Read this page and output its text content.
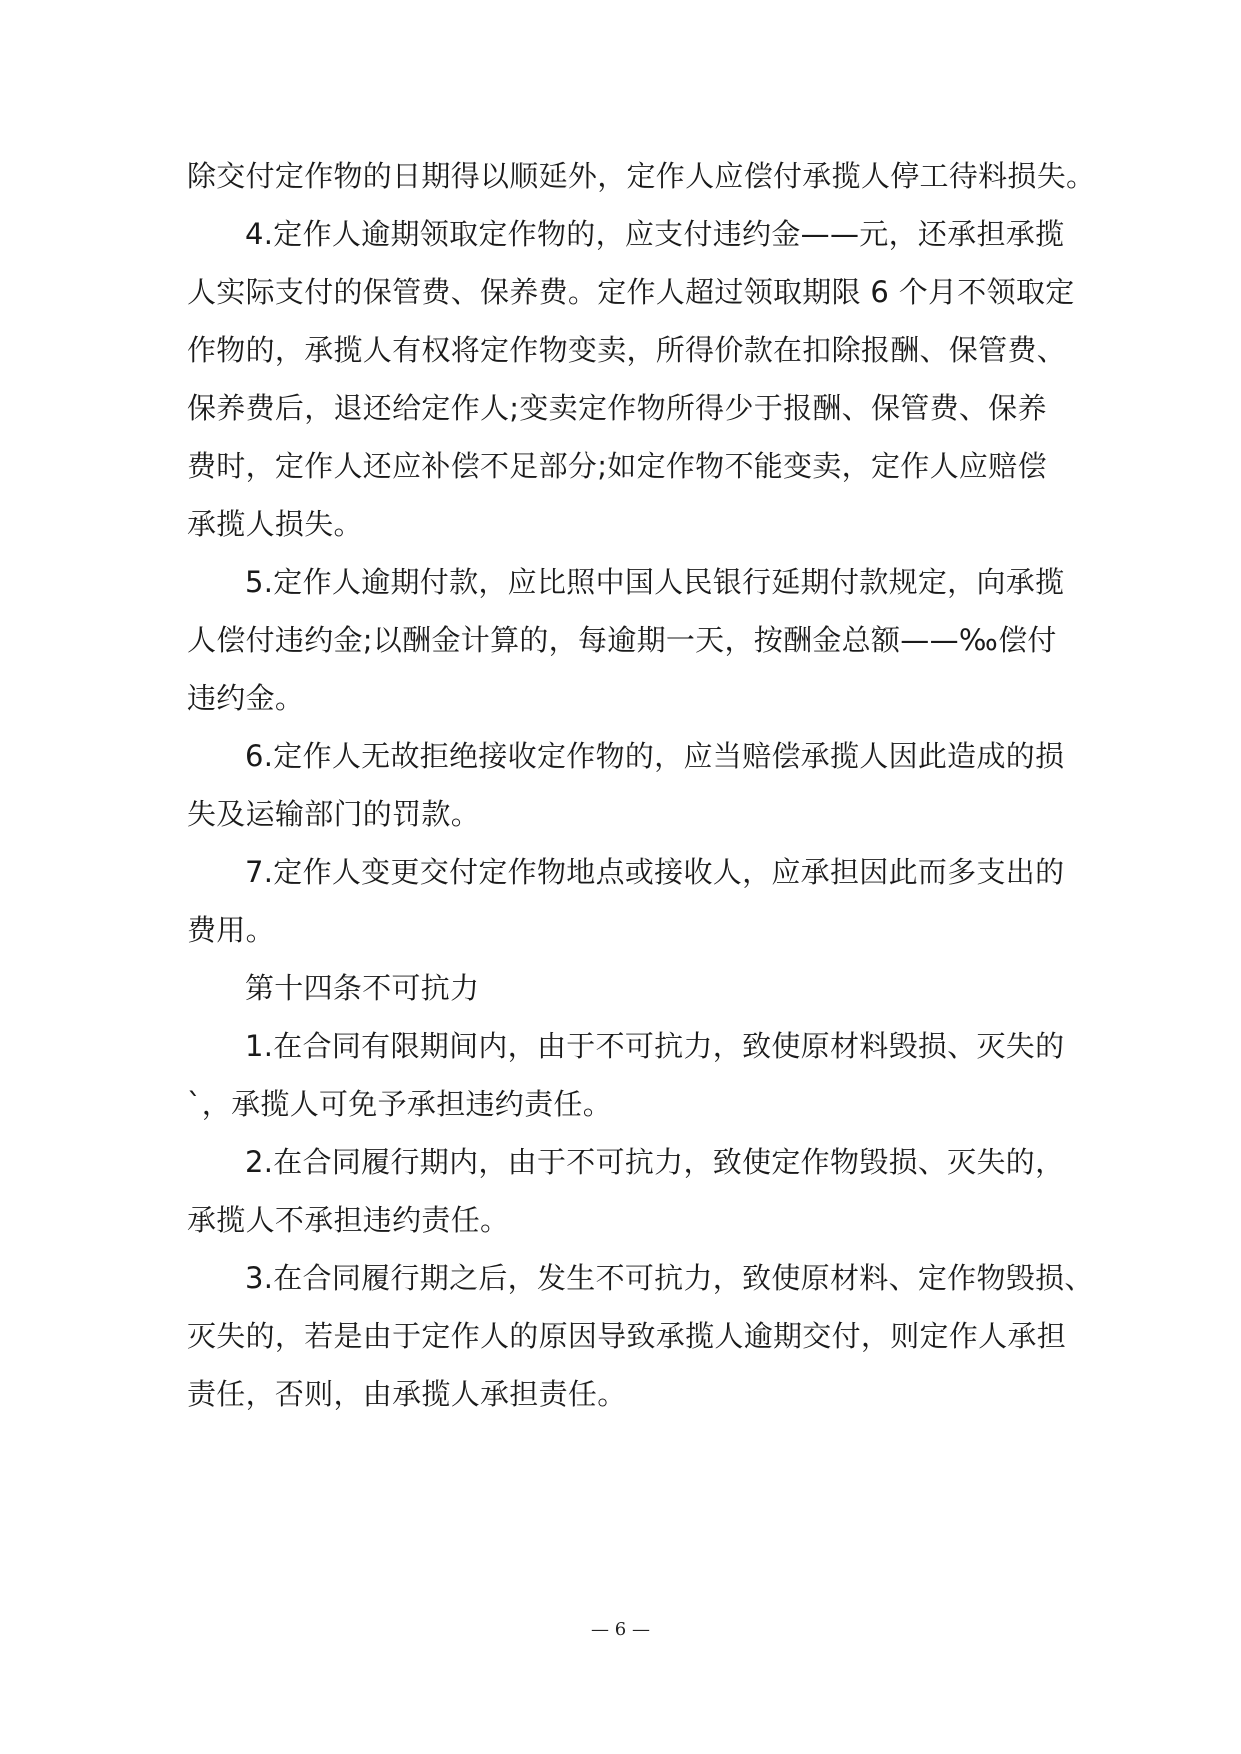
除交付定作物的日期得以顺延外，定作人应偿付承揽人停工待料损失。
4.定作人逾期领取定作物的，应支付违约金——元，还承担承揽
人实际支付的保管费、保养费。定作人超过领取期限 6 个月不领取定
作物的，承揽人有权将定作物变卖，所得价款在扣除报酬、保管费、
保养费后，退还给定作人;变卖定作物所得少于报酬、保管费、保养
费时，定作人还应补偿不足部分;如定作物不能变卖，定作人应赔偿
承揽人损失。
5.定作人逾期付款，应比照中国人民银行延期付款规定，向承揽
人偿付违约金;以酬金计算的，每逾期一天，按酬金总额——‰偿付
违约金。
6.定作人无故拒绝接收定作物的，应当赔偿承揽人因此造成的损
失及运输部门的罚款。
7.定作人变更交付定作物地点或接收人，应承担因此而多支出的
费用。
第十四条不可抗力
1.在合同有限期间内，由于不可抗力，致使原材料毁损、灭失的
`，承揽人可免予承担违约责任。
2.在合同履行期内，由于不可抗力，致使定作物毁损、灭失的，
承揽人不承担违约责任。
3.在合同履行期之后，发生不可抗力，致使原材料、定作物毁损、
灭失的，若是由于定作人的原因导致承揽人逾期交付，则定作人承担
责任，否则，由承揽人承担责任。
— 6 —
